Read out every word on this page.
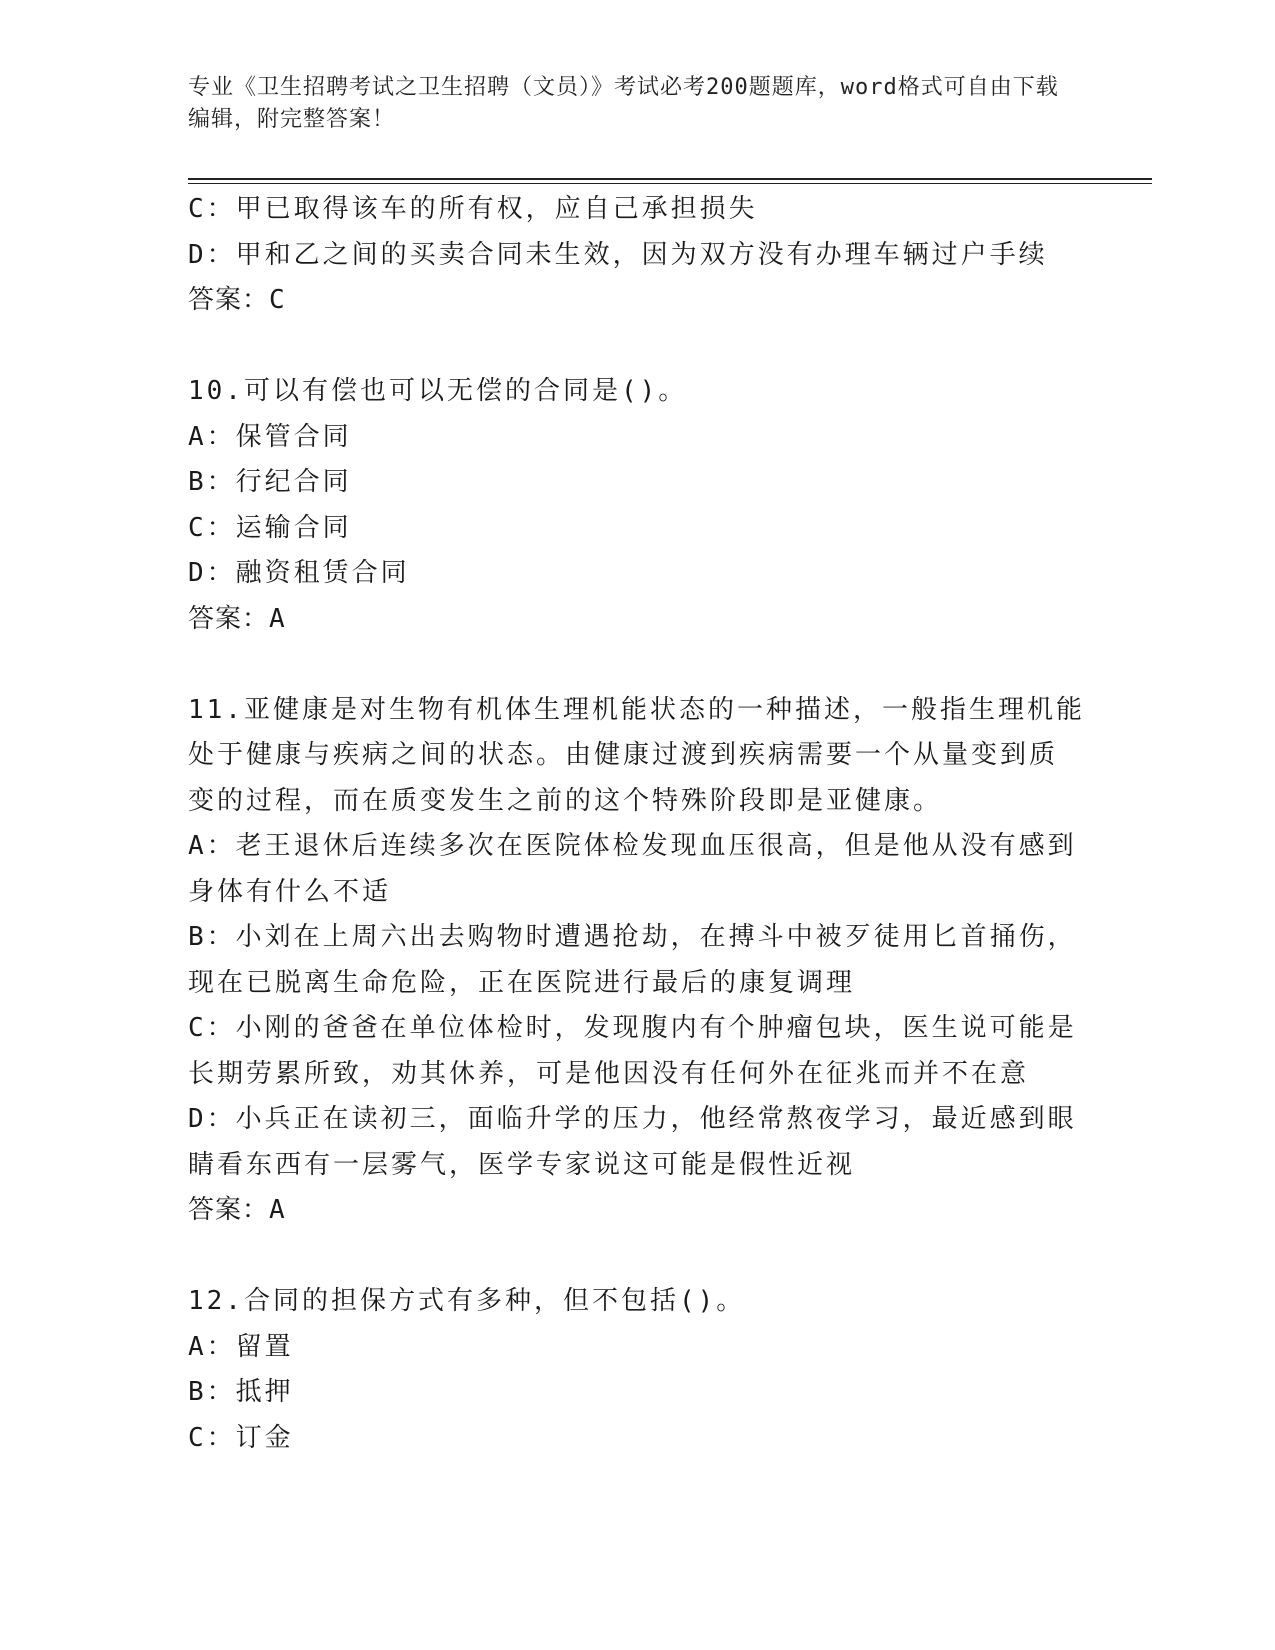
专业《卫生招聘考试之卫生招聘（文员）》考试必考200题题库，word格式可自由下载编辑，附完整答案！
C：甲已取得该车的所有权，应自己承担损失
D：甲和乙之间的买卖合同未生效，因为双方没有办理车辆过户手续
答案：C
10.可以有偿也可以无偿的合同是()。
A：保管合同
B：行纪合同
C：运输合同
D：融资租赁合同
答案：A
11.亚健康是对生物有机体生理机能状态的一种描述，一般指生理机能
处于健康与疾病之间的状态。由健康过渡到疾病需要一个从量变到质
变的过程，而在质变发生之前的这个特殊阶段即是亚健康。
A：老王退休后连续多次在医院体检发现血压很高，但是他从没有感到
身体有什么不适
B：小刘在上周六出去购物时遭遇抢劫，在搏斗中被歹徒用匕首捅伤，
现在已脱离生命危险，正在医院进行最后的康复调理
C：小刚的爸爸在单位体检时，发现腹内有个肿瘤包块，医生说可能是
长期劳累所致，劝其休养，可是他因没有任何外在征兆而并不在意
D：小兵正在读初三，面临升学的压力，他经常熬夜学习，最近感到眼
睛看东西有一层雾气，医学专家说这可能是假性近视
答案：A
12.合同的担保方式有多种，但不包括()。
A：留置
B：抵押
C：订金
